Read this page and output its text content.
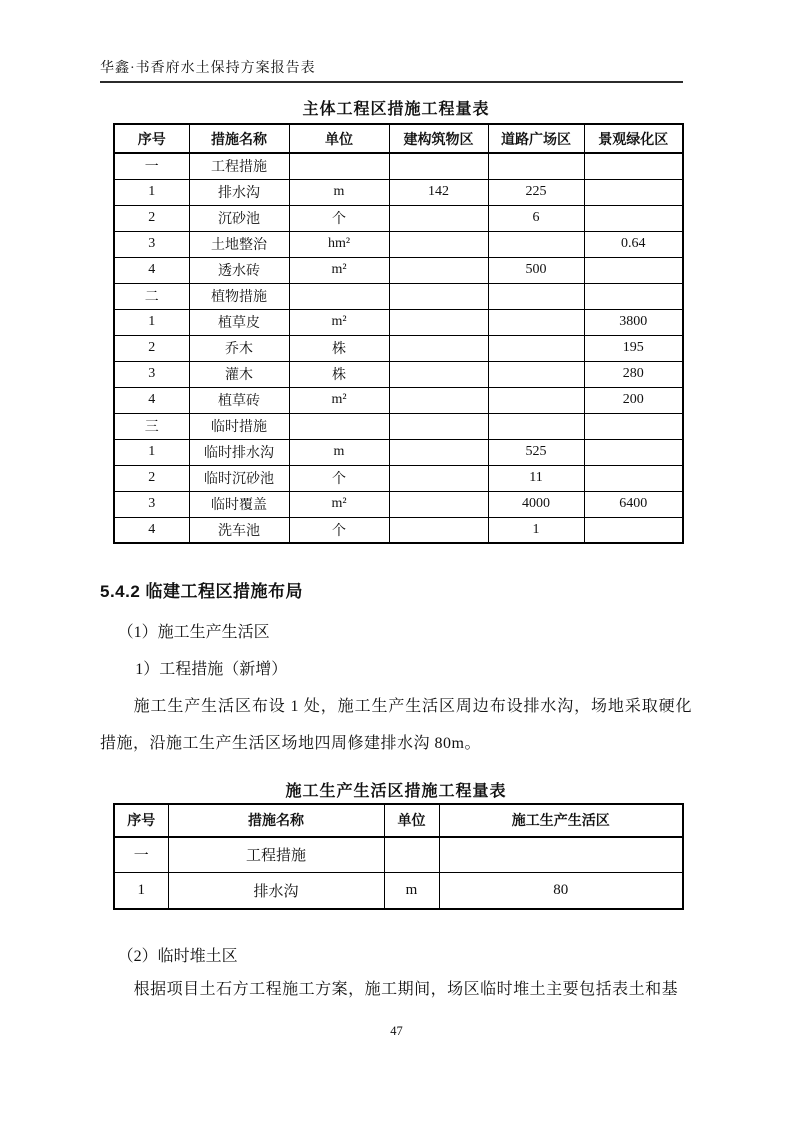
华鑫·书香府水土保持方案报告表
主体工程区措施工程量表
序号	措施名称	单位	建构筑物区	道路广场区	景观绿化区
一	工程措施				
1	排水沟	m	142	225	
2	沉砂池	个		6	
3	土地整治	hm²			0.64
4	透水砖	m²		500	
二	植物措施				
1	植草皮	m²			3800
2	乔木	株			195
3	灌木	株			280
4	植草砖	m²			200
三	临时措施				
1	临时排水沟	m		525	
2	临时沉砂池	个		11	
3	临时覆盖	m²		4000	6400
4	洗车池	个		1	
5.4.2 临建工程区措施布局
（1）施工生产生活区
1）工程措施（新增）
施工生产生活区布设 1 处，施工生产生活区周边布设排水沟，场地采取硬化措施，沿施工生产生活区场地四周修建排水沟 80m。
施工生产生活区措施工程量表
序号	措施名称	单位	施工生产生活区
一	工程措施		
1	排水沟	m	80
（2）临时堆土区
根据项目土石方工程施工方案，施工期间，场区临时堆土主要包括表土和基
47
